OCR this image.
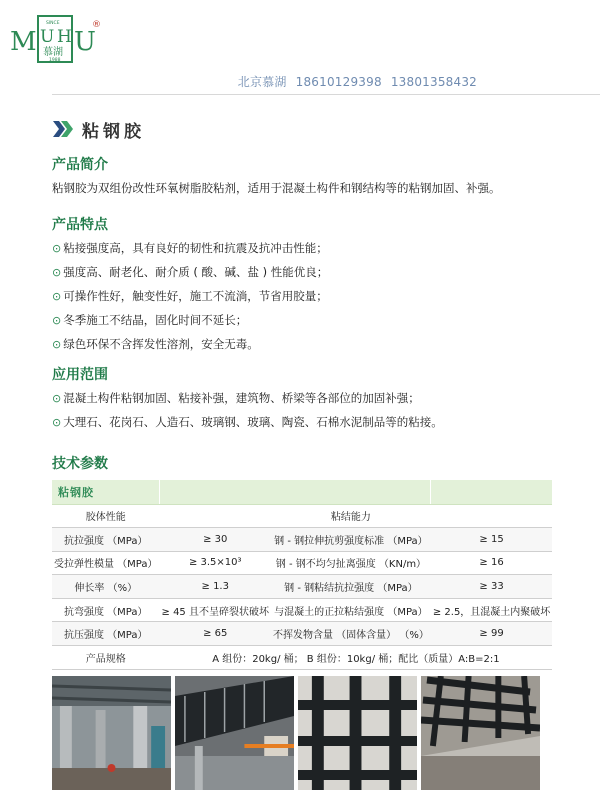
M U H U
®
SINCE
慕湖
1988
北京慕湖 18610129398 13801358432
粘钢胶
产品简介
粘钢胶为双组份改性环氧树脂胶粘剂，适用于混凝土构件和钢结构等的粘钢加固、补强。
产品特点
⊙ 粘接强度高，具有良好的韧性和抗震及抗冲击性能；
⊙ 强度高、耐老化、耐介质 ( 酸、碱、盐 ) 性能优良；
⊙ 可操作性好，触变性好，施工不流淌，节省用胶量；
⊙ 冬季施工不结晶，固化时间不延长；
⊙ 绿色环保不含挥发性溶剂，安全无毒。
应用范围
⊙ 混凝土构件粘钢加固、粘接补强，建筑物、桥梁等各部位的加固补强；
⊙ 大理石、花岗石、人造石、玻璃钢、玻璃、陶瓷、石棉水泥制品等的粘接。
技术参数
粘钢胶			
胶体性能		粘结能力	
抗拉强度 （MPa）	≥ 30	钢 - 钢拉伸抗剪强度标准 （MPa）	≥ 15
受拉弹性模量 （MPa）	≥ 3.5×10³	钢 - 钢不均匀扯离强度 （KN/m）	≥ 16
伸长率 （%）	≥ 1.3	钢 - 钢粘结抗拉强度 （MPa）	≥ 33
抗弯强度 （MPa）	≥ 45 且不呈碎裂状破坏	与混凝土的正拉粘结强度 （MPa）	≥ 2.5，且混凝土内聚破坏
抗压强度 （MPa）	≥ 65	不挥发物含量 （固体含量） （%）	≥ 99
产品规格	A 组份：20kg/ 桶； B 组份：10kg/ 桶；配比（质量）A:B=2:1		
